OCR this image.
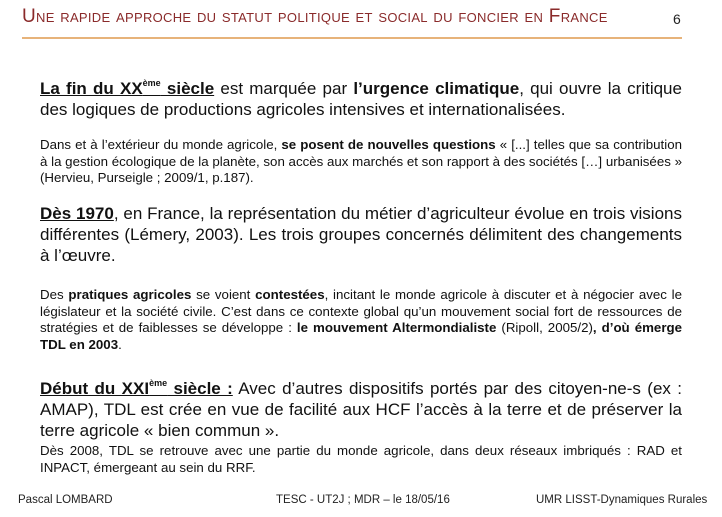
Une rapide approche du statut politique et social du foncier en France	6
La fin du XXème siècle est marquée par l’urgence climatique, qui ouvre la critique des logiques de productions agricoles intensives et internationalisées.
Dans et à l’extérieur du monde agricole, se posent de nouvelles questions « [...] telles que sa contribution à la gestion écologique de la planète, son accès aux marchés et son rapport à des sociétés […] urbanisées » (Hervieu, Purseigle ; 2009/1, p.187).
Dès 1970, en France, la représentation du métier d’agriculteur évolue en trois visions différentes (Lémery, 2003). Les trois groupes concernés délimitent des changements à l’œuvre.
Des pratiques agricoles se voient contestées, incitant le monde agricole à discuter et à négocier avec le législateur et la société civile. C’est dans ce contexte global qu’un mouvement social fort de ressources de stratégies et de faiblesses se développe : le mouvement Altermondialiste (Ripoll, 2005/2), d’où émerge TDL en 2003.
Début du XXIème siècle : Avec d’autres dispositifs portés par des citoyen-ne-s (ex : AMAP), TDL est crée en vue de facilité aux HCF l’accès à la terre et de préserver la terre agricole « bien commun ».
Dès 2008, TDL se retrouve avec une partie du monde agricole, dans deux réseaux imbriqués : RAD et INPACT, émergeant au sein du RRF.
Pascal LOMBARD	TESC - UT2J ; MDR – le 18/05/16	UMR LISST-Dynamiques Rurales
